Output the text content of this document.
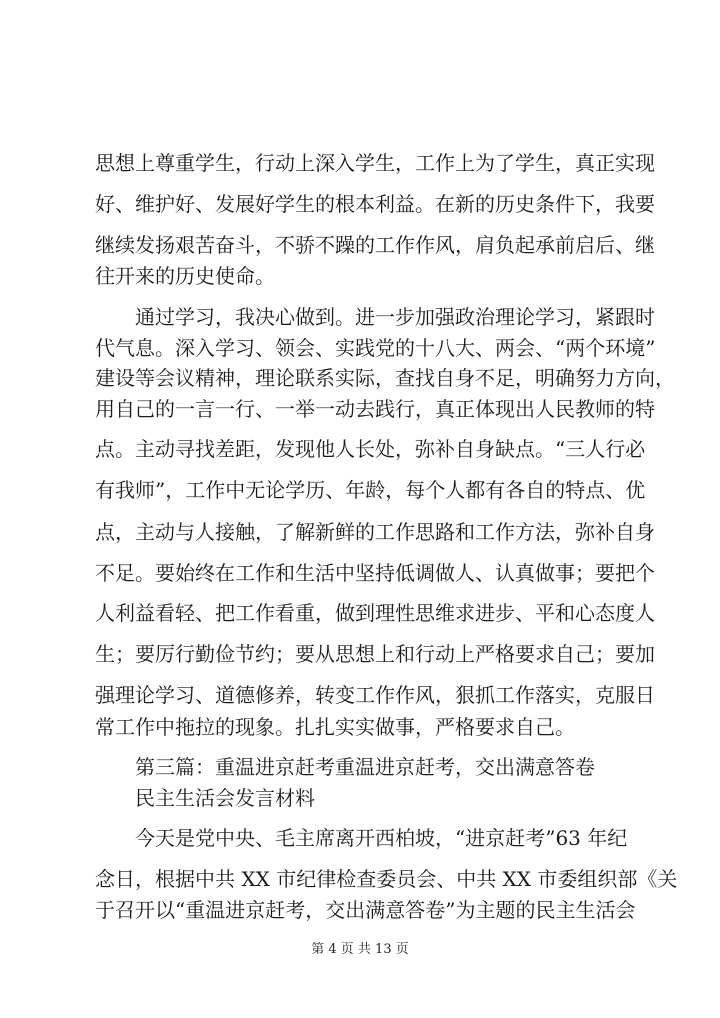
思想上尊重学生，行动上深入学生，工作上为了学生，真正实现

好、维护好、发展好学生的根本利益。在新的历史条件下，我要

继续发扬艰苦奋斗，不骄不躁的工作作风，肩负起承前启后、继

往开来的历史使命。

通过学习，我决心做到。进一步加强政治理论学习，紧跟时

代气息。深入学习、领会、实践党的十八大、两会、“两个环境”

建设等会议精神，理论联系实际，查找自身不足，明确努力方向，

用自己的一言一行、一举一动去践行，真正体现出人民教师的特

点。主动寻找差距，发现他人长处，弥补自身缺点。“三人行必

有我师”，工作中无论学历、年龄，每个人都有各自的特点、优

点，主动与人接触，了解新鲜的工作思路和工作方法，弥补自身

不足。要始终在工作和生活中坚持低调做人、认真做事；要把个

人利益看轻、把工作看重，做到理性思维求进步、平和心态度人

生；要厉行勤俭节约；要从思想上和行动上严格要求自己；要加

强理论学习、道德修养，转变工作作风，狠抓工作落实，克服日

常工作中拖拉的现象。扎扎实实做事，严格要求自己。

第三篇：重温进京赶考重温进京赶考，交出满意答卷

民主生活会发言材料

今天是党中央、毛主席离开西柏坡，“进京赶考”63 年纪

念日，根据中共 XX 市纪律检查委员会、中共 XX 市委组织部《关

于召开以“重温进京赶考，交出满意答卷”为主题的民主生活会

第 4 页 共 13 页
